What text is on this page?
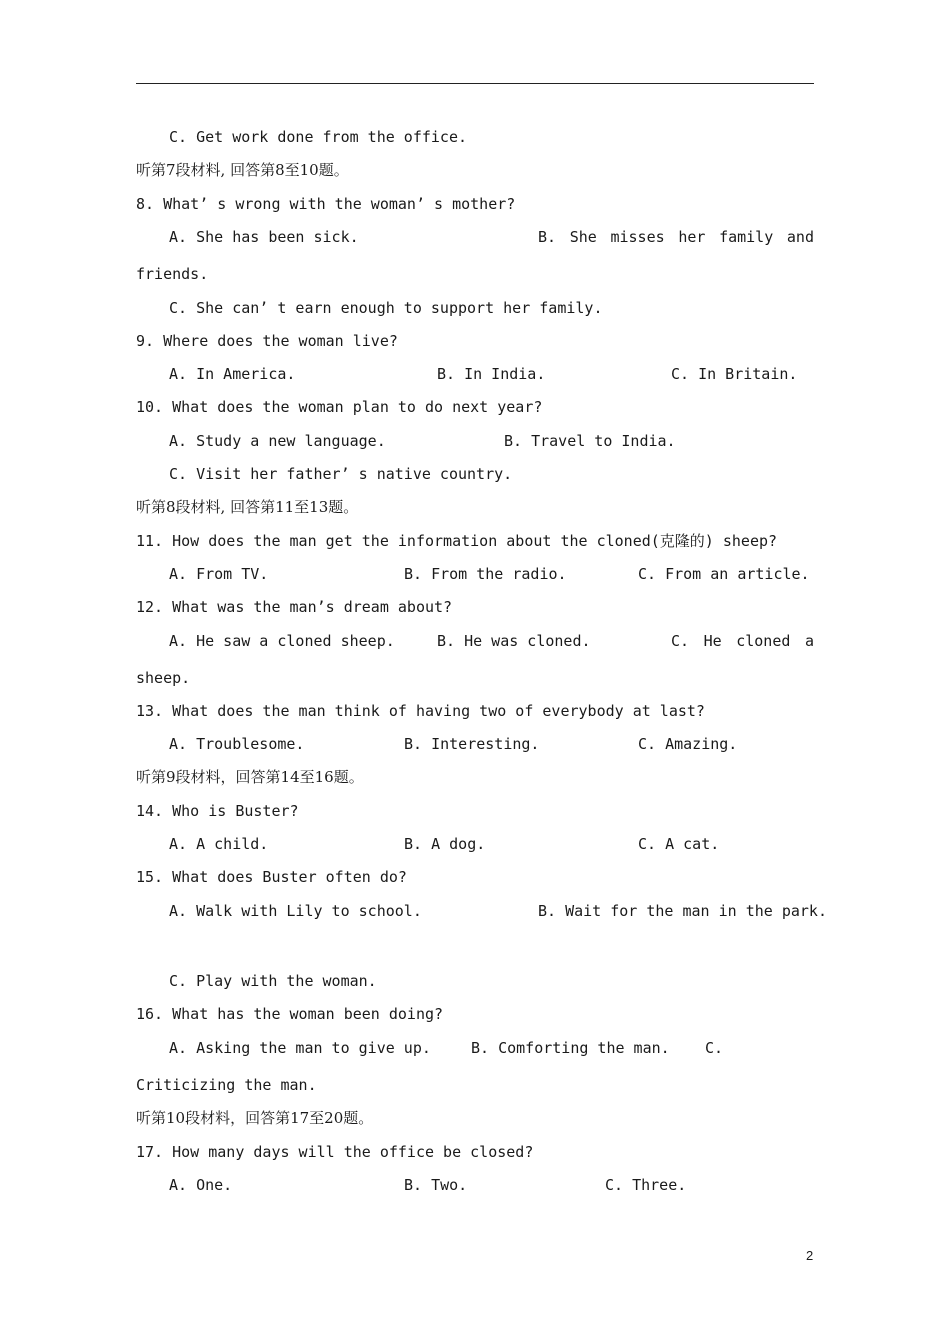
C. Get work done from the office.
听第7段材料, 回答第8至10题。
8. What’ s wrong with the woman’ s mother?
A. She has been sick.	B. She misses her family and
friends.
C. She can’ t earn enough to support her family.
9. Where does the woman live?
A. In America.	B. In India.	C. In Britain.
10. What does the woman plan to do next year?
A. Study a new language.	B. Travel to India.
C. Visit her father’ s native country.
听第8段材料, 回答第11至13题。
11. How does the man get the information about the cloned(克隆的) sheep?
A. From TV.	B. From the radio.	C. From an article.
12. What was the man’s dream about?
A. He saw a cloned sheep.	B. He was cloned.	C. He cloned a
sheep.
13. What does the man think of having two of everybody at last?
A. Troublesome.	B. Interesting.	C. Amazing.
听第9段材料，回答第14至16题。
14. Who is Buster?
A. A child.	B. A dog.	C. A cat.
15. What does Buster often do?
A. Walk with Lily to school.	B. Wait for the man in the park.
C. Play with the woman.
16. What has the woman been doing?
A. Asking the man to give up.	B. Comforting the man. C.
Criticizing the man.
听第10段材料，回答第17至20题。
17. How many days will the office be closed?
A. One.	B. Two.	C. Three.
2
